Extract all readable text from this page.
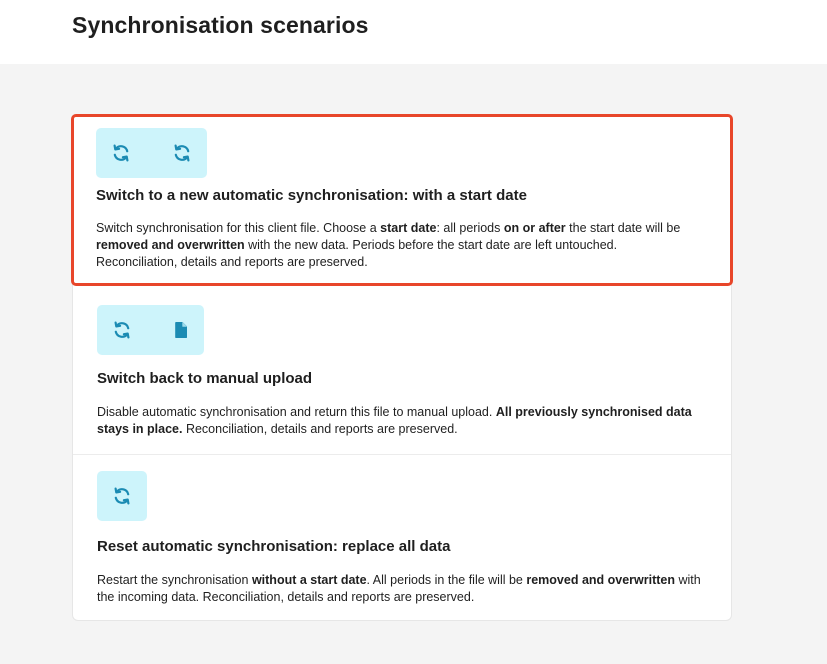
Synchronisation scenarios
Switch to a new automatic synchronisation: with a start date

Switch synchronisation for this client file. Choose a start date: all periods on or after the start date will be removed and overwritten with the new data. Periods before the start date are left untouched. Reconciliation, details and reports are preserved.

Switch back to manual upload

Disable automatic synchronisation and return this file to manual upload. All previously synchronised data stays in place. Reconciliation, details and reports are preserved.

Reset automatic synchronisation: replace all data

Restart the synchronisation without a start date. All periods in the file will be removed and overwritten with the incoming data. Reconciliation, details and reports are preserved.
